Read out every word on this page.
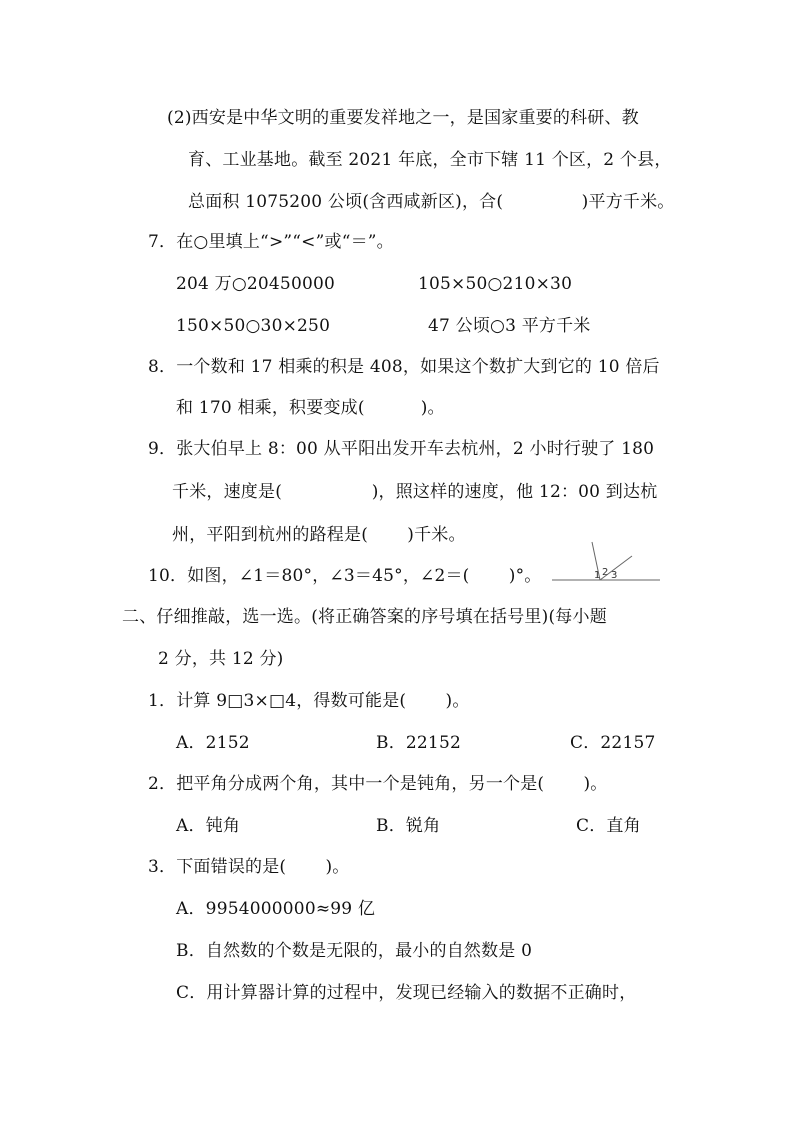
(2)西安是中华文明的重要发祥地之一，是国家重要的科研、教
育、工业基地。截至 2021 年底，全市下辖 11 个区，2 个县，
总面积 1075200 公顷(含西咸新区)，合(              )平方千米。
7．在○里填上“>”“<”或“＝”。
204 万○20450000	105×50○210×30
150×50○30×250	47 公顷○3 平方千米
8．一个数和 17 相乘的积是 408，如果这个数扩大到它的 10 倍后
和 170 相乘，积要变成(          )。
9．张大伯早上 8：00 从平阳出发开车去杭州，2 小时行驶了 180
千米，速度是(                )，照这样的速度，他 12：00 到达杭
州，平阳到杭州的路程是(       )千米。
10．如图，∠1＝80°，∠3＝45°，∠2＝(       )°。	1 2 3
二、仔细推敲，选一选。(将正确答案的序号填在括号里)(每小题
2 分，共 12 分)
1．计算 9□3×□4，得数可能是(       )。
A．2152	B．22152	C．22157
2．把平角分成两个角，其中一个是钝角，另一个是(       )。
A．钝角	B．锐角	C．直角
3．下面错误的是(       )。
A．9954000000≈99 亿
B．自然数的个数是无限的，最小的自然数是 0
C．用计算器计算的过程中，发现已经输入的数据不正确时，
